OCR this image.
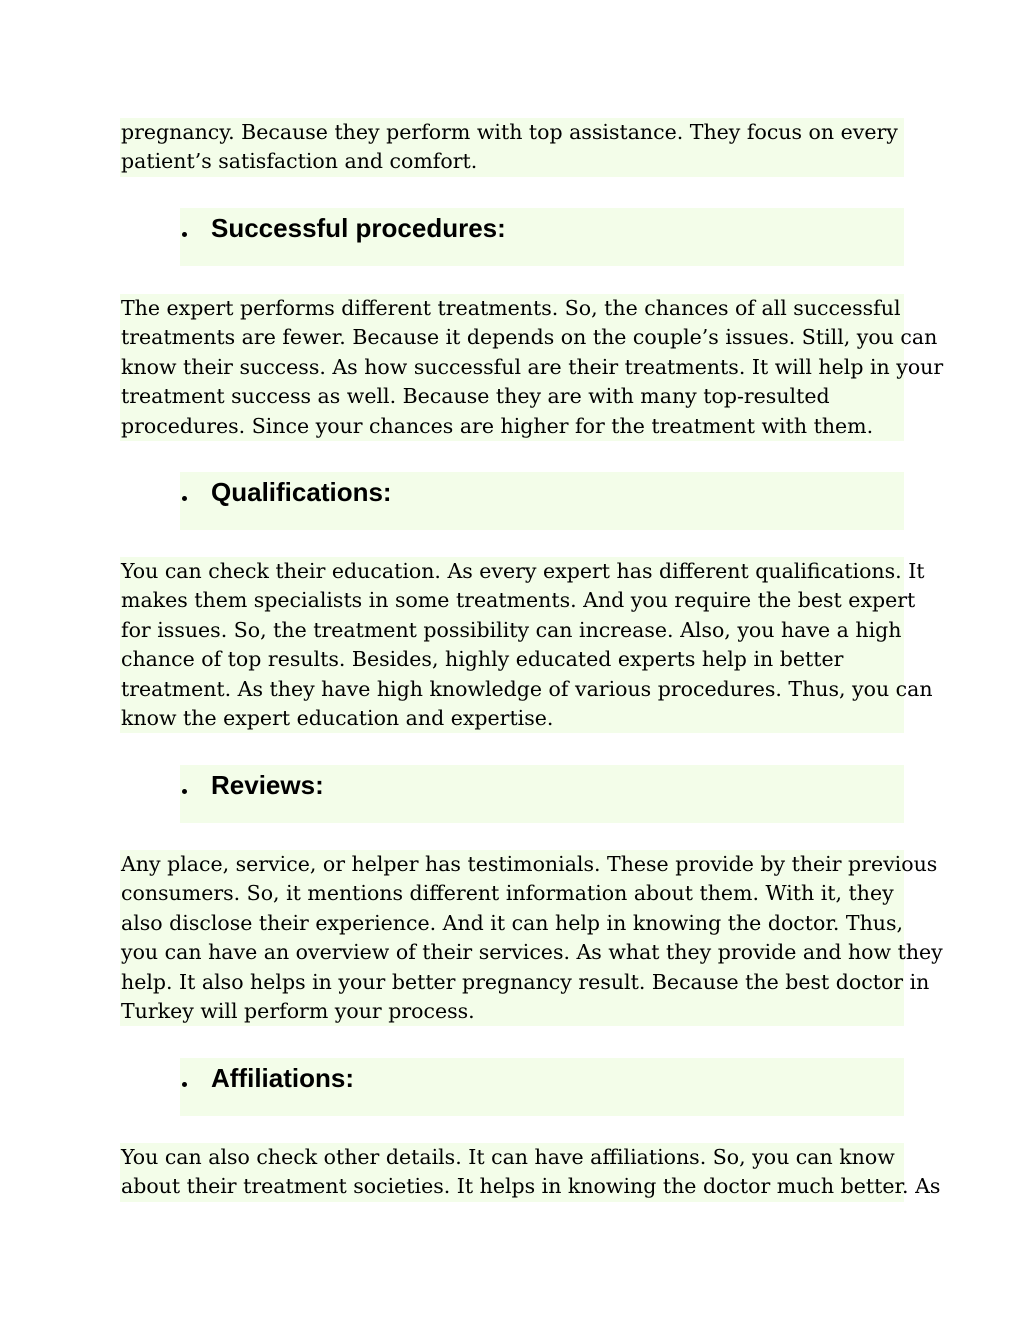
pregnancy. Because they perform with top assistance. They focus on every
patient’s satisfaction and comfort.
Successful procedures:
The expert performs different treatments. So, the chances of all successful
treatments are fewer. Because it depends on the couple’s issues. Still, you can
know their success. As how successful are their treatments. It will help in your
treatment success as well. Because they are with many top-resulted
procedures. Since your chances are higher for the treatment with them.
Qualifications:
You can check their education. As every expert has different qualifications. It
makes them specialists in some treatments. And you require the best expert
for issues. So, the treatment possibility can increase. Also, you have a high
chance of top results. Besides, highly educated experts help in better
treatment. As they have high knowledge of various procedures. Thus, you can
know the expert education and expertise.
Reviews:
Any place, service, or helper has testimonials. These provide by their previous
consumers. So, it mentions different information about them. With it, they
also disclose their experience. And it can help in knowing the doctor. Thus,
you can have an overview of their services. As what they provide and how they
help. It also helps in your better pregnancy result. Because the best doctor in
Turkey will perform your process.
Affiliations:
You can also check other details. It can have affiliations. So, you can know
about their treatment societies. It helps in knowing the doctor much better. As
